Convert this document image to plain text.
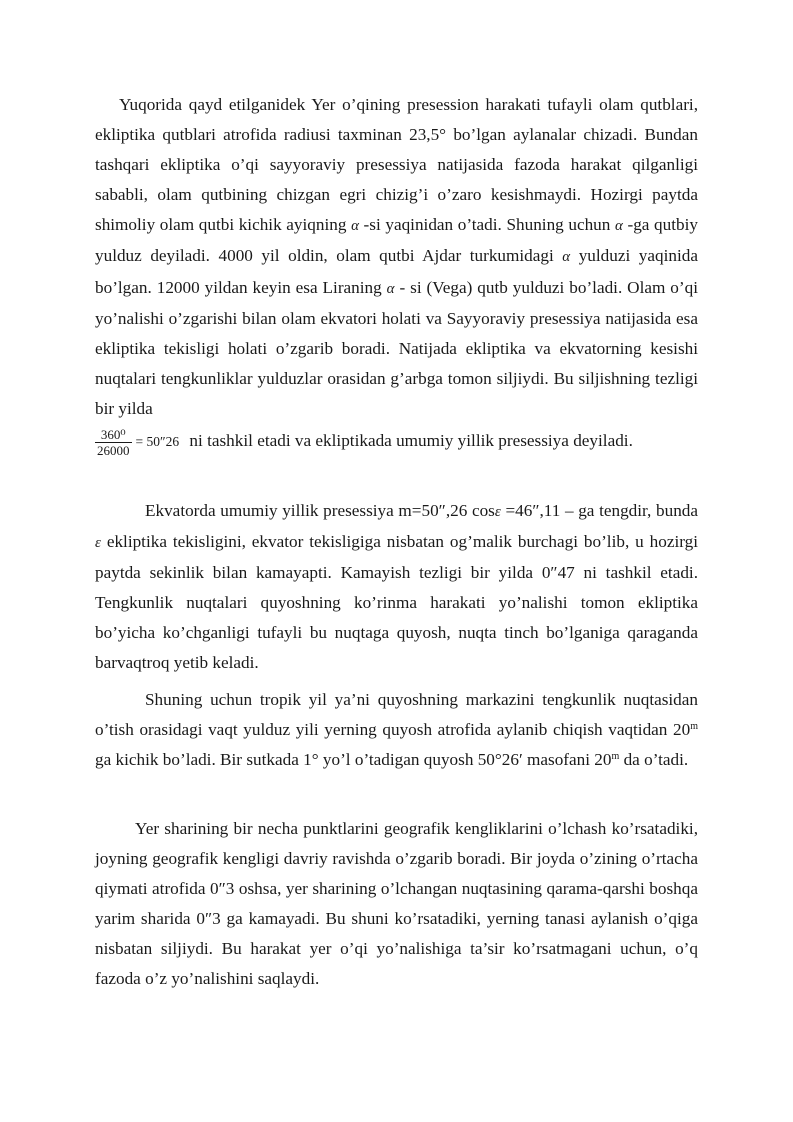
Yuqorida qayd etilganidek Yer o’qining presession harakati tufayli olam qutblari, ekliptika qutblari atrofida radiusi taxminan 23,5° bo’lgan aylanalar chizadi. Bundan tashqari ekliptika o’qi sayyoraviy presessiya natijasida fazoda harakat qilganligi sababli, olam qutbining chizgan egri chizig’i o’zaro kesishmaydi. Hozirgi paytda shimoliy olam qutbi kichik ayiqning α -si yaqinidan o’tadi. Shuning uchun α -ga qutbiy yulduz deyiladi. 4000 yil oldin, olam qutbi Ajdar turkumidagi α yulduzi yaqinida bo’lgan. 12000 yildan keyin esa Liraning α - si (Vega) qutb yulduzi bo’ladi. Olam o’qi yo’nalishi o’zgarishi bilan olam ekvatori holati va Sayyoraviy presessiya natijasida esa ekliptika tekisligi holati o’zgarib boradi. Natijada ekliptika va ekvatorning kesishi nuqtalari tengkunliklar yulduzlar orasidan g’arbga tomon siljiydi. Bu siljishning tezligi bir yilda
$\frac{\text{360⁰}}{26000} = 50''26$ ni tashkil etadi va ekliptikada umumiy yillik presessiya deyiladi.

Ekvatorda umumiy yillik presessiya m=50″,26 cosε =46″,11 – ga tengdir, bunda ε ekliptika tekisligini, ekvator tekisligiga nisbatan og’malik burchagi bo’lib, u hozirgi paytda sekinlik bilan kamayapti. Kamayish tezligi bir yilda 0″47 ni tashkil etadi. Tengkunlik nuqtalari quyoshning ko’rinma harakati yo’nalishi tomon ekliptika bo’yicha ko’chganligi tufayli bu nuqtaga quyosh, nuqta tinch bo’lganiga qaraganda barvaqtroq yetib keladi.

Shuning uchun tropik yil ya’ni quyoshning markazini tengkunlik nuqtasidan o’tish orasidagi vaqt yulduz yili yerning quyosh atrofida aylanib chiqish vaqtidan 20$^m$ ga kichik bo’ladi. Bir sutkada 1° yo’l o’tadigan quyosh 50°26′ masofani 20$^m$ da o’tadi.

Yer sharining bir necha punktlarini geografik kengliklarini o’lchash ko’rsatadiki, joyning geografik kengligi davriy ravishda o’zgarib boradi. Bir joyda o’zining o’rtacha qiymati atrofida 0″3 oshsa, yer sharining o’lchangan nuqtasining qarama-qarshi boshqa yarim sharida 0″3 ga kamayadi. Bu shuni ko’rsatadiki, yerning tanasi aylanish o’qiga nisbatan siljiydi. Bu harakat yer o’qi yo’nalishiga ta’sir ko’rsatmagani uchun, o’q fazoda o’z yo’nalishini saqlaydi.
